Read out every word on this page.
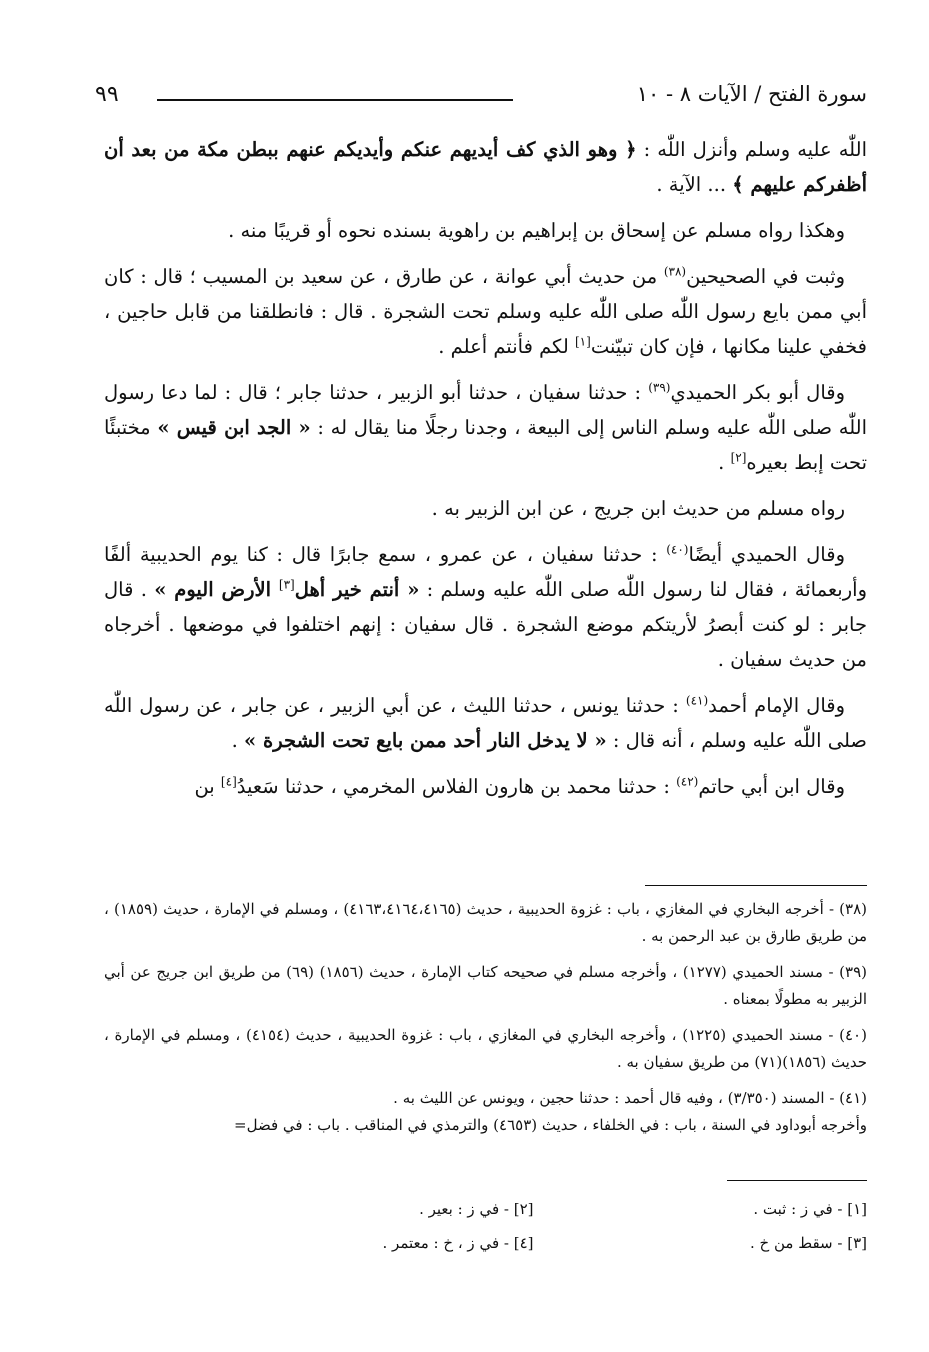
سورة الفتح / الآيات ٨ - ١٠
٩٩

اللّٰه عليه وسلم وأنزل اللّٰه : ﴿ وهو الذي كف أيديهم عنكم وأيديكم عنهم ببطن مكة من بعد أن أظفركم عليهم ﴾ ... الآية .

وهكذا رواه مسلم عن إسحاق بن إبراهيم بن راهوية بسنده نحوه أو قريبًا منه .

وثبت في الصحيحين$^{(٣٨)}$ من حديث أبي عوانة ، عن طارق ، عن سعيد بن المسيب ؛ قال : كان أبي ممن بايع رسول اللّٰه صلى اللّٰه عليه وسلم تحت الشجرة . قال : فانطلقنا من قابل حاجين ، فخفي علينا مكانها ، فإن كان تبيّنت[١] لكم فأنتم أعلم .

وقال أبو بكر الحميدي$^{(٣٩)}$ : حدثنا سفيان ، حدثنا أبو الزبير ، حدثنا جابر ؛ قال : لما دعا رسول اللّٰه صلى اللّٰه عليه وسلم الناس إلى البيعة ، وجدنا رجلًا منا يقال له : « الجد ابن قيس » مختبئًا تحت إبط بعيره[٢] .

رواه مسلم من حديث ابن جريج ، عن ابن الزبير به .

وقال الحميدي أيضًا$^{(٤٠)}$ : حدثنا سفيان ، عن عمرو ، سمع جابرًا قال : كنا يوم الحديبية ألفًا وأربعمائة ، فقال لنا رسول اللّٰه صلى اللّٰه عليه وسلم : « أنتم خير أهل[٣] الأرض اليوم » . قال جابر : لو كنت أبصرُ لأريتكم موضع الشجرة . قال سفيان : إنهم اختلفوا في موضعها . أخرجاه من حديث سفيان .

وقال الإمام أحمد$^{(٤١)}$ : حدثنا يونس ، حدثنا الليث ، عن أبي الزبير ، عن جابر ، عن رسول اللّٰه صلى اللّٰه عليه وسلم ، أنه قال : « لا يدخل النار أحد ممن بايع تحت الشجرة » .

وقال ابن أبي حاتم$^{(٤٢)}$ : حدثنا محمد بن هارون الفلاس المخرمي ، حدثنا سَعيدُ[٤] بن

(٣٨) - أخرجه البخاري في المغازي ، باب : غزوة الحديبية ، حديث (٤١٦٣،٤١٦٤،٤١٦٥) ، ومسلم في الإمارة ، حديث (١٨٥٩) ، من طريق طارق بن عبد الرحمن به .

(٣٩) - مسند الحميدي (١٢٧٧) ، وأخرجه مسلم في صحيحه كتاب الإمارة ، حديث (١٨٥٦) (٦٩) من طريق ابن جريج عن أبي الزبير به مطولًا بمعناه .

(٤٠) - مسند الحميدي (١٢٢٥) ، وأخرجه البخاري في المغازي ، باب : غزوة الحديبية ، حديث (٤١٥٤) ، ومسلم في الإمارة ، حديث (١٨٥٦)(٧١) من طريق سفيان به .

(٤١) - المسند (٣/٣٥٠) ، وفيه قال أحمد : حدثنا حجين ، ويونس عن الليث به .

وأخرجه أبوداود في السنة ، باب : في الخلفاء ، حديث (٤٦٥٣) والترمذي في المناقب . باب : في فضل=

[١] - في ز : ثبت .
[٢] - في ز : بعير .
[٣] - سقط من خ .
[٤] - في ز ، خ : معتمر .
